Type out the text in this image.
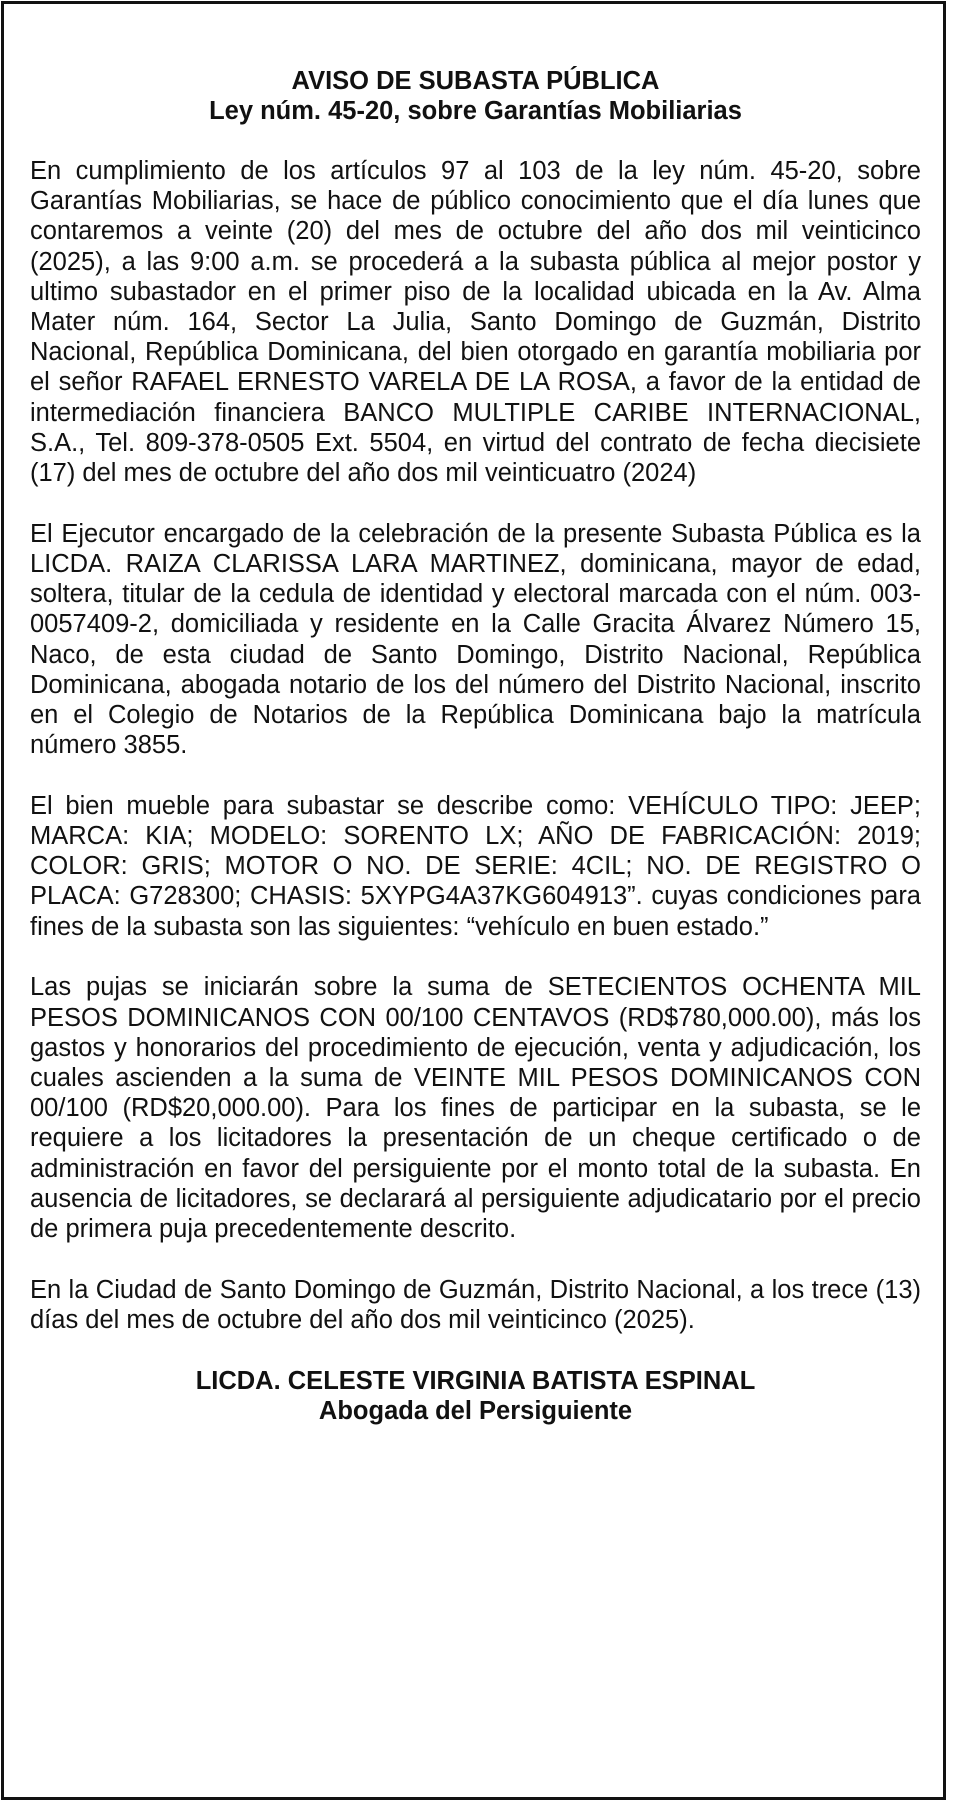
AVISO DE SUBASTA PÚBLICA
Ley núm. 45-20, sobre Garantías Mobiliarias

En cumplimiento de los artículos 97 al 103 de la ley núm. 45-20, sobre Garantías Mobiliarias, se hace de público conocimiento que el día lunes que contaremos a veinte (20) del mes de octubre del año dos mil veinticinco (2025), a las 9:00 a.m. se procederá a la subasta pública al mejor postor y ultimo subastador en el primer piso de la localidad ubicada en la Av. Alma Mater núm. 164, Sector La Julia, Santo Domingo de Guzmán, Distrito Nacional, República Dominicana, del bien otorgado en garantía mobiliaria por el señor RAFAEL ERNESTO VARELA DE LA ROSA, a favor de la entidad de intermediación financiera BANCO MULTIPLE CARIBE INTERNACIONAL, S.A., Tel. 809-378-0505 Ext. 5504, en virtud del contrato de fecha diecisiete (17) del mes de octubre del año dos mil veinticuatro (2024)

El Ejecutor encargado de la celebración de la presente Subasta Pública es la LICDA. RAIZA CLARISSA LARA MARTINEZ, dominicana, mayor de edad, soltera, titular de la cedula de identidad y electoral marcada con el núm. 003-0057409-2, domiciliada y residente en la Calle Gracita Álvarez Número 15, Naco, de esta ciudad de Santo Domingo, Distrito Nacional, República Dominicana, abogada notario de los del número del Distrito Nacional, inscrito en el Colegio de Notarios de la República Dominicana bajo la matrícula número 3855.

El bien mueble para subastar se describe como: VEHÍCULO TIPO: JEEP; MARCA: KIA; MODELO: SORENTO LX; AÑO DE FABRICACIÓN: 2019; COLOR: GRIS; MOTOR O NO. DE SERIE: 4CIL; NO. DE REGISTRO O PLACA: G728300; CHASIS: 5XYPG4A37KG604913”. cuyas condiciones para fines de la subasta son las siguientes: “vehículo en buen estado.”

Las pujas se iniciarán sobre la suma de SETECIENTOS OCHENTA MIL PESOS DOMINICANOS CON 00/100 CENTAVOS (RD$780,000.00), más los gastos y honorarios del procedimiento de ejecución, venta y adjudicación, los cuales ascienden a la suma de VEINTE MIL PESOS DOMINICANOS CON 00/100 (RD$20,000.00). Para los fines de participar en la subasta, se le requiere a los licitadores la presentación de un cheque certificado o de administración en favor del persiguiente por el monto total de la subasta. En ausencia de licitadores, se declarará al persiguiente adjudicatario por el precio de primera puja precedentemente descrito.

En la Ciudad de Santo Domingo de Guzmán, Distrito Nacional, a los trece (13) días del mes de octubre del año dos mil veinticinco (2025).

LICDA. CELESTE VIRGINIA BATISTA ESPINAL
Abogada del Persiguiente
